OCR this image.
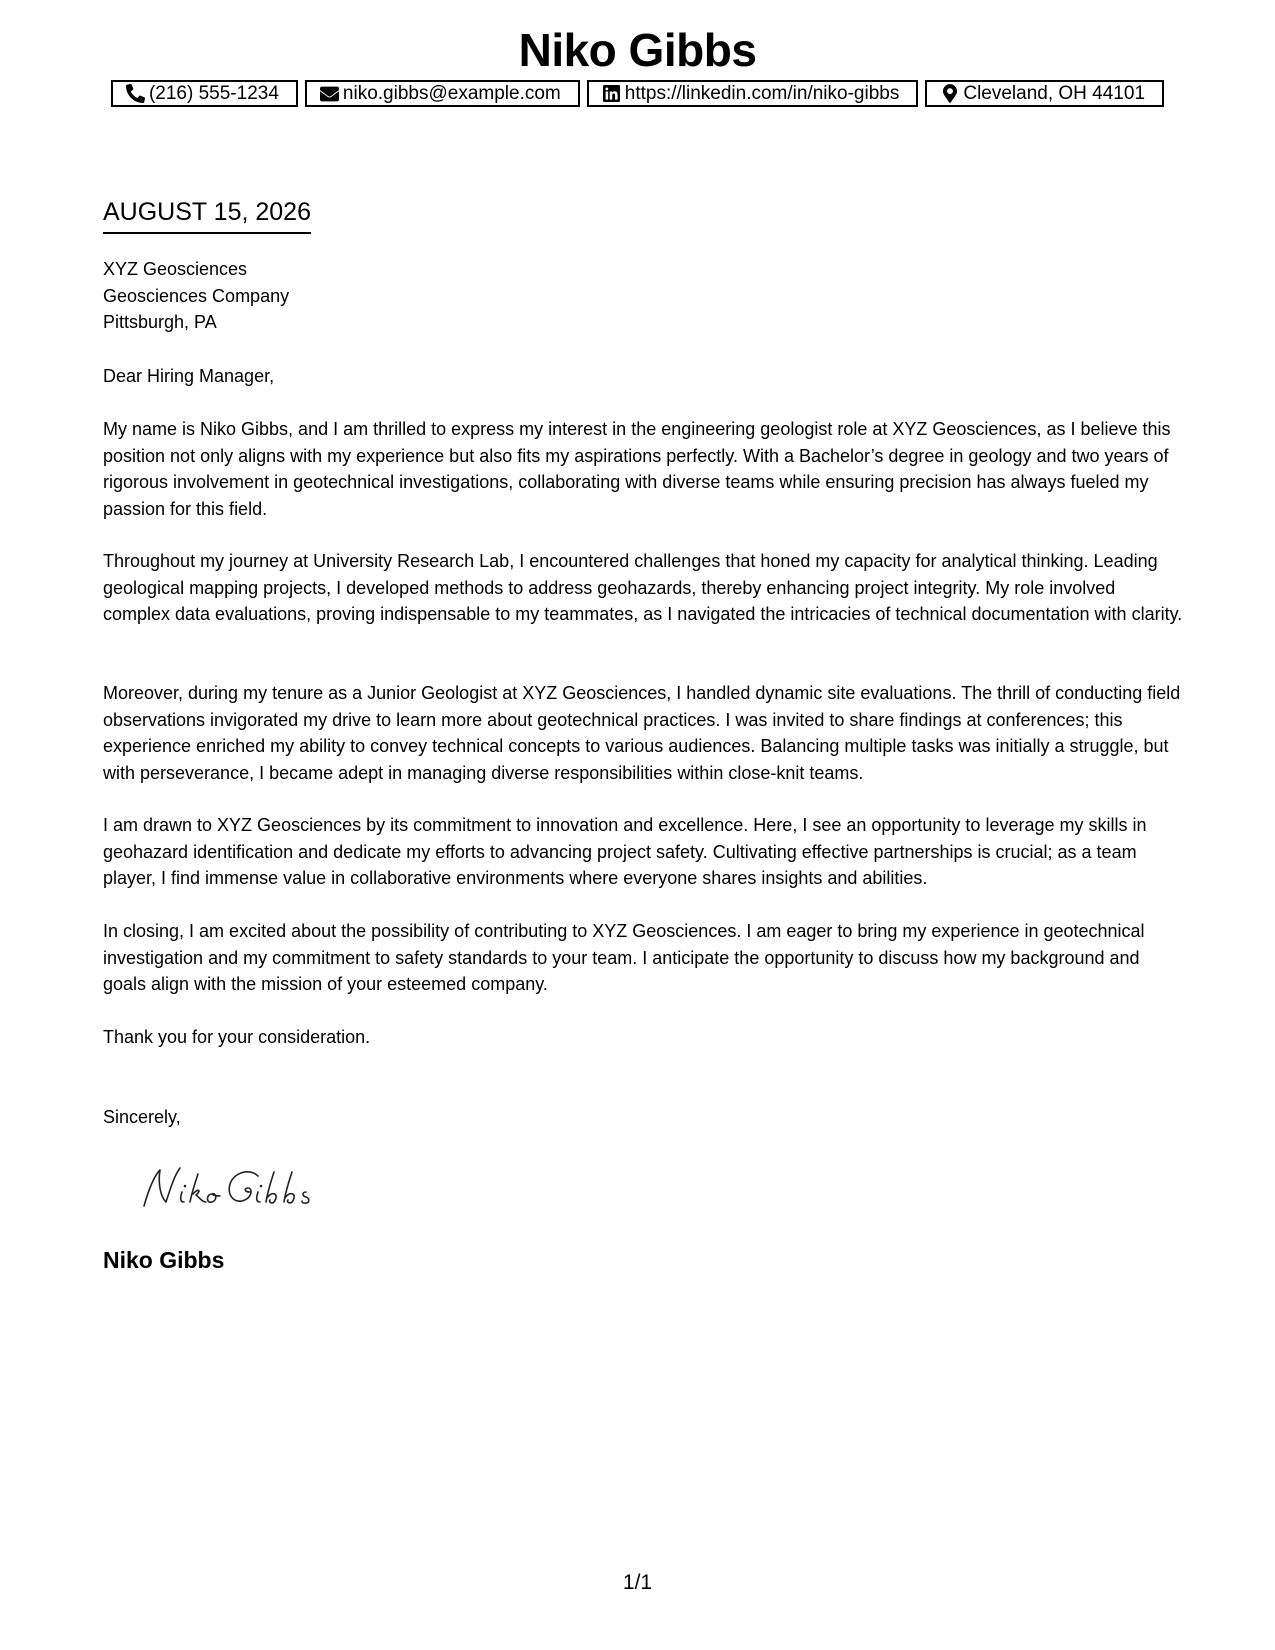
Niko Gibbs
(216) 555-1234	niko.gibbs@example.com	https://linkedin.com/in/niko-gibbs	Cleveland, OH 44101
AUGUST 15, 2026
XYZ Geosciences
Geosciences Company
Pittsburgh, PA
Dear Hiring Manager,

My name is Niko Gibbs, and I am thrilled to express my interest in the engineering geologist role at XYZ Geosciences, as I believe this position not only aligns with my experience but also fits my aspirations perfectly. With a Bachelor’s degree in geology and two years of rigorous involvement in geotechnical investigations, collaborating with diverse teams while ensuring precision has always fueled my passion for this field.

Throughout my journey at University Research Lab, I encountered challenges that honed my capacity for analytical thinking. Leading geological mapping projects, I developed methods to address geohazards, thereby enhancing project integrity. My role involved complex data evaluations, proving indispensable to my teammates, as I navigated the intricacies of technical documentation with clarity.

Moreover, during my tenure as a Junior Geologist at XYZ Geosciences, I handled dynamic site evaluations. The thrill of conducting field observations invigorated my drive to learn more about geotechnical practices. I was invited to share findings at conferences; this experience enriched my ability to convey technical concepts to various audiences. Balancing multiple tasks was initially a struggle, but with perseverance, I became adept in managing diverse responsibilities within close-knit teams.

I am drawn to XYZ Geosciences by its commitment to innovation and excellence. Here, I see an opportunity to leverage my skills in geohazard identification and dedicate my efforts to advancing project safety. Cultivating effective partnerships is crucial; as a team player, I find immense value in collaborative environments where everyone shares insights and abilities.

In closing, I am excited about the possibility of contributing to XYZ Geosciences. I am eager to bring my experience in geotechnical investigation and my commitment to safety standards to your team. I anticipate the opportunity to discuss how my background and goals align with the mission of your esteemed company.

Thank you for your consideration.
Sincerely,
Niko Gibbs
1/1
